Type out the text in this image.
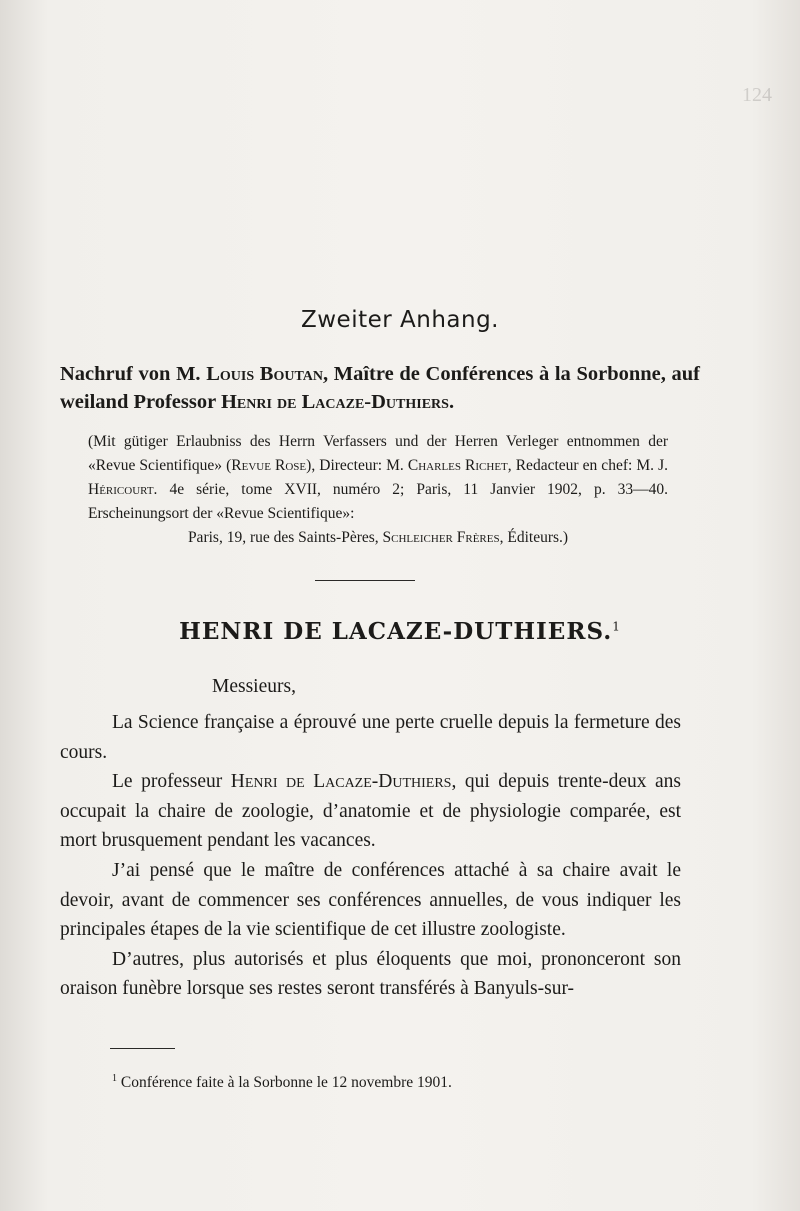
124
Zweiter Anhang.
Nachruf von M. Louis Boutan, Maître de Conférences à la Sorbonne, auf weiland Professor Henri de Lacaze-Duthiers.
(Mit gütiger Erlaubniss des Herrn Verfassers und der Herren Verleger entnommen der «Revue Scientifique» (Revue Rose), Directeur: M. Charles Richet, Redacteur en chef: M. J. Héricourt. 4e série, tome XVII, numéro 2; Paris, 11 Janvier 1902, p. 33—40. Erscheinungsort der «Revue Scientifique»:
Paris, 19, rue des Saints-Pères, Schleicher Frères, Éditeurs.)
HENRI DE LACAZE-DUTHIERS.$^1$
Messieurs,

La Science française a éprouvé une perte cruelle depuis la fermeture des cours.

Le professeur Henri de Lacaze-Duthiers, qui depuis trente-deux ans occupait la chaire de zoologie, d’anatomie et de physiologie comparée, est mort brusquement pendant les vacances.

J’ai pensé que le maître de conférences attaché à sa chaire avait le devoir, avant de commencer ses conférences annuelles, de vous indiquer les principales étapes de la vie scientifique de cet illustre zoologiste.

D’autres, plus autorisés et plus éloquents que moi, prononceront son oraison funèbre lorsque ses restes seront transférés à Banyuls-sur-

$^1$ Conférence faite à la Sorbonne le 12 novembre 1901.
